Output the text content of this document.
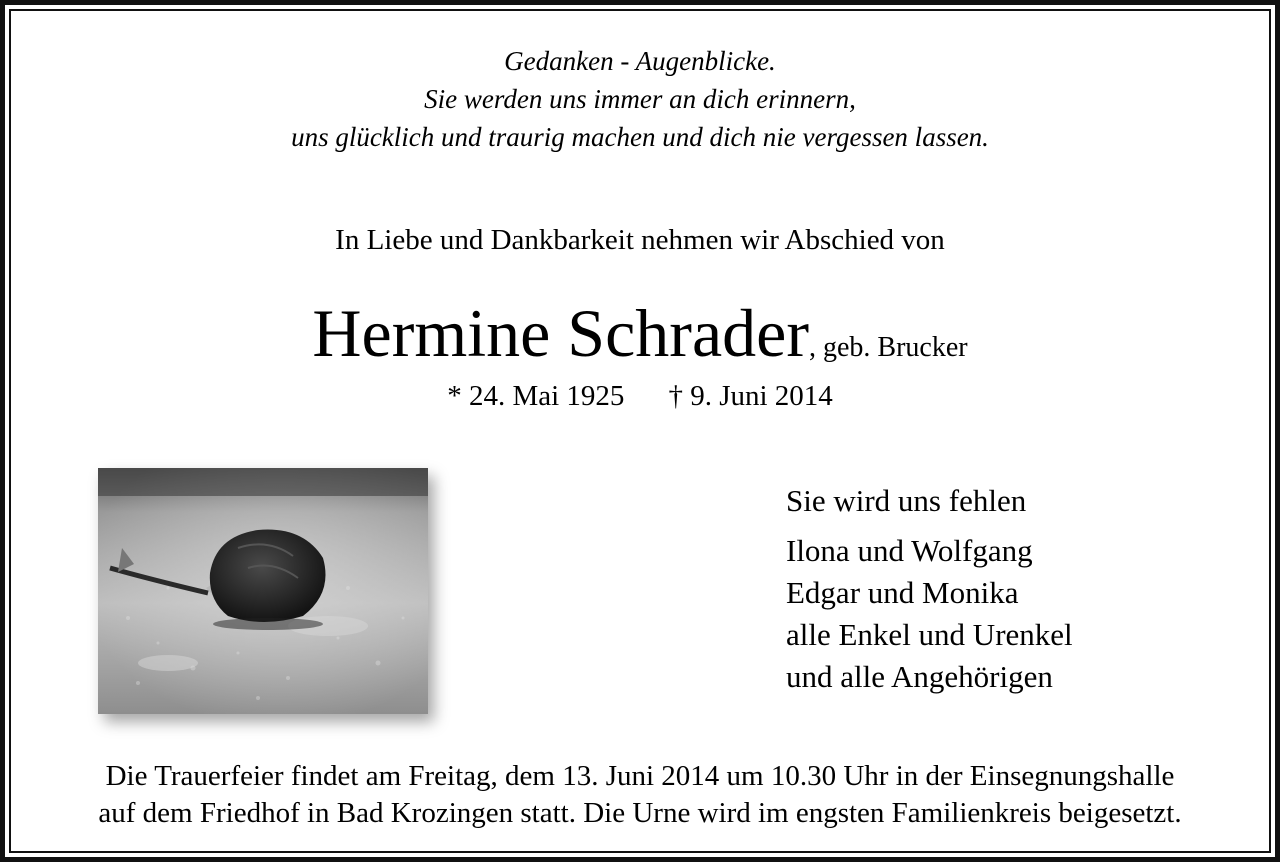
Gedanken - Augenblicke.
Sie werden uns immer an dich erinnern,
uns glücklich und traurig machen und dich nie vergessen lassen.
In Liebe und Dankbarkeit nehmen wir Abschied von
Hermine Schrader, geb. Brucker
* 24. Mai 1925 † 9. Juni 2014
Sie wird uns fehlen
Ilona und Wolfgang
Edgar und Monika
alle Enkel und Urenkel
und alle Angehörigen
Die Trauerfeier findet am Freitag, dem 13. Juni 2014 um 10.30 Uhr in der Einsegnungshalle
auf dem Friedhof in Bad Krozingen statt. Die Urne wird im engsten Familienkreis beigesetzt.
